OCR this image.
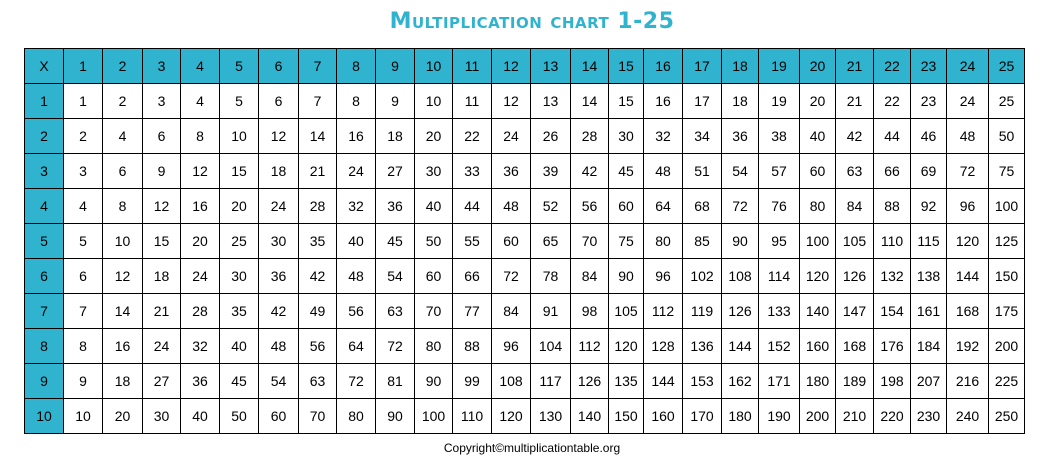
Multiplication chart 1-25
X	1	2	3	4	5	6	7	8	9	10	11	12	13	14	15	16	17	18	19	20	21	22	23	24	25
1	1	2	3	4	5	6	7	8	9	10	11	12	13	14	15	16	17	18	19	20	21	22	23	24	25
2	2	4	6	8	10	12	14	16	18	20	22	24	26	28	30	32	34	36	38	40	42	44	46	48	50
3	3	6	9	12	15	18	21	24	27	30	33	36	39	42	45	48	51	54	57	60	63	66	69	72	75
4	4	8	12	16	20	24	28	32	36	40	44	48	52	56	60	64	68	72	76	80	84	88	92	96	100
5	5	10	15	20	25	30	35	40	45	50	55	60	65	70	75	80	85	90	95	100	105	110	115	120	125
6	6	12	18	24	30	36	42	48	54	60	66	72	78	84	90	96	102	108	114	120	126	132	138	144	150
7	7	14	21	28	35	42	49	56	63	70	77	84	91	98	105	112	119	126	133	140	147	154	161	168	175
8	8	16	24	32	40	48	56	64	72	80	88	96	104	112	120	128	136	144	152	160	168	176	184	192	200
9	9	18	27	36	45	54	63	72	81	90	99	108	117	126	135	144	153	162	171	180	189	198	207	216	225
10	10	20	30	40	50	60	70	80	90	100	110	120	130	140	150	160	170	180	190	200	210	220	230	240	250
Copyright©multiplicationtable.org
